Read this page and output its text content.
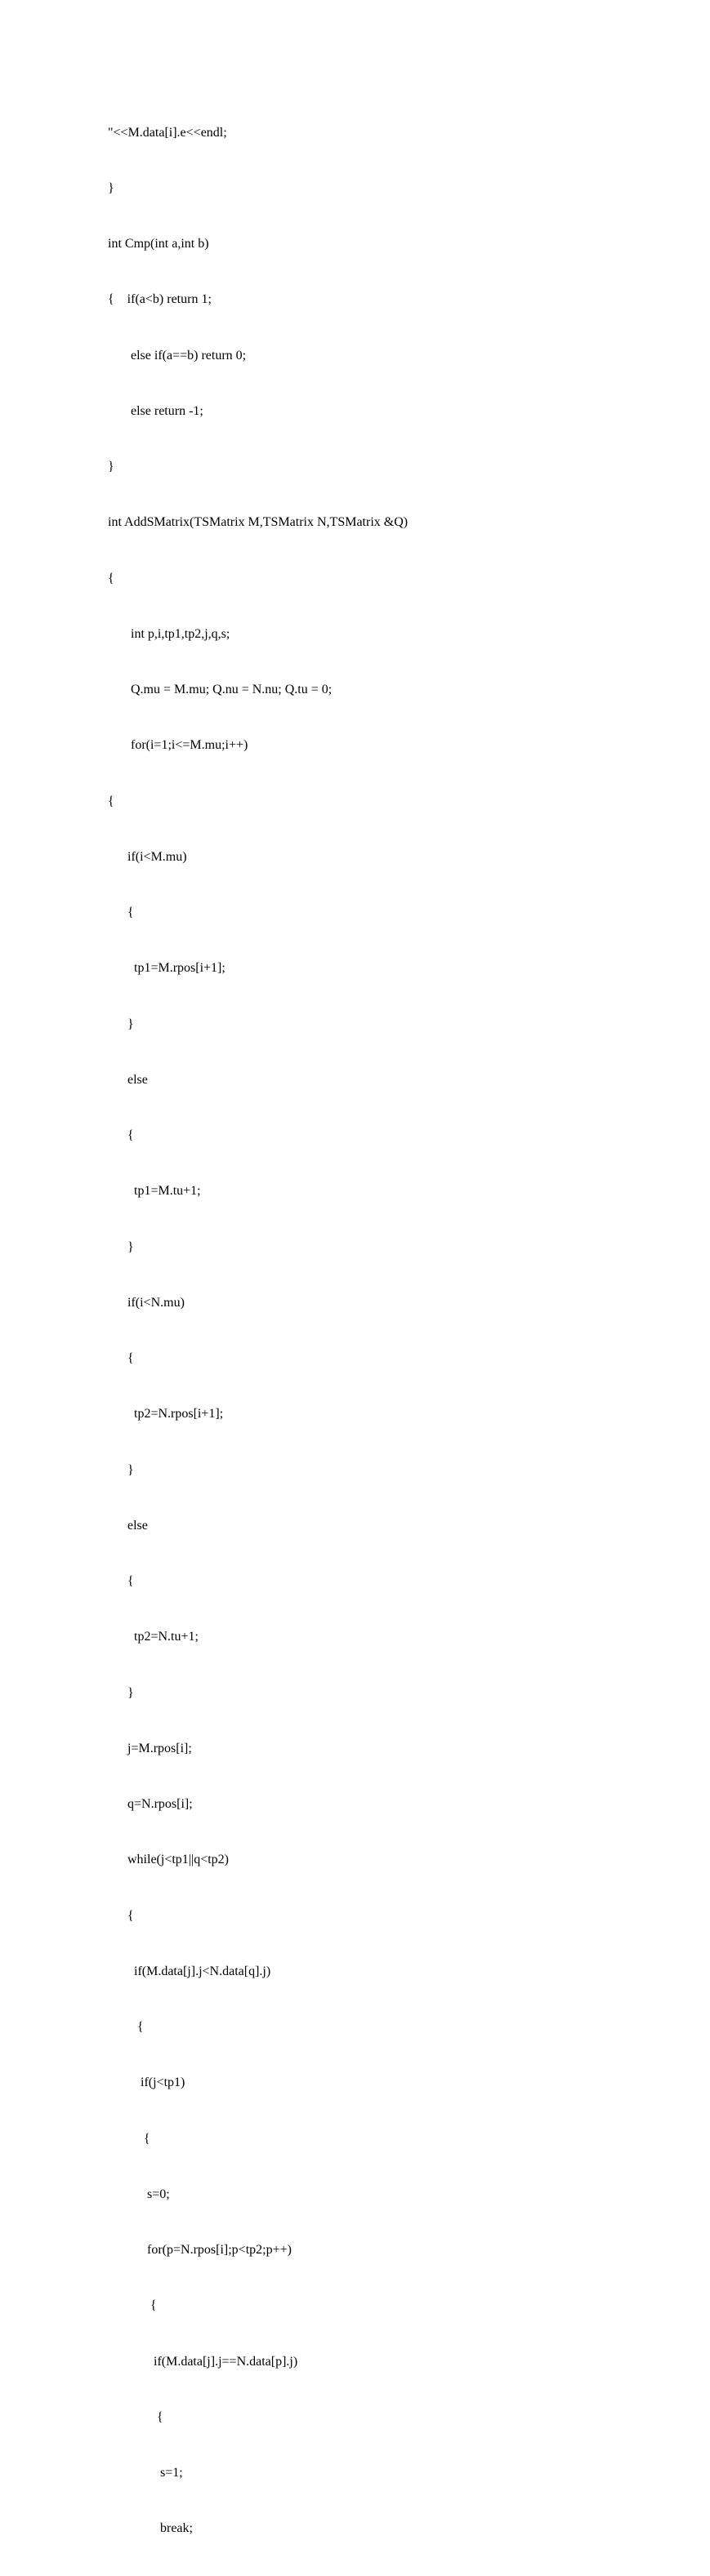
"<<M.data[i].e<<endl;

}

int Cmp(int a,int b)

{    if(a<b) return 1;

else if(a==b) return 0;

else return -1;

}

int AddSMatrix(TSMatrix M,TSMatrix N,TSMatrix &Q)

{

int p,i,tp1,tp2,j,q,s;

Q.mu = M.mu; Q.nu = N.nu; Q.tu = 0;

for(i=1;i<=M.mu;i++)

{

if(i<M.mu)

{

tp1=M.rpos[i+1];

}

else

{

tp1=M.tu+1;

}

if(i<N.mu)

{

tp2=N.rpos[i+1];

}

else

{

tp2=N.tu+1;

}

j=M.rpos[i];

q=N.rpos[i];

while(j<tp1||q<tp2)

{

if(M.data[j].j<N.data[q].j)

{

if(j<tp1)

{

s=0;

for(p=N.rpos[i];p<tp2;p++)

{

if(M.data[j].j==N.data[p].j)

{

s=1;

break;
